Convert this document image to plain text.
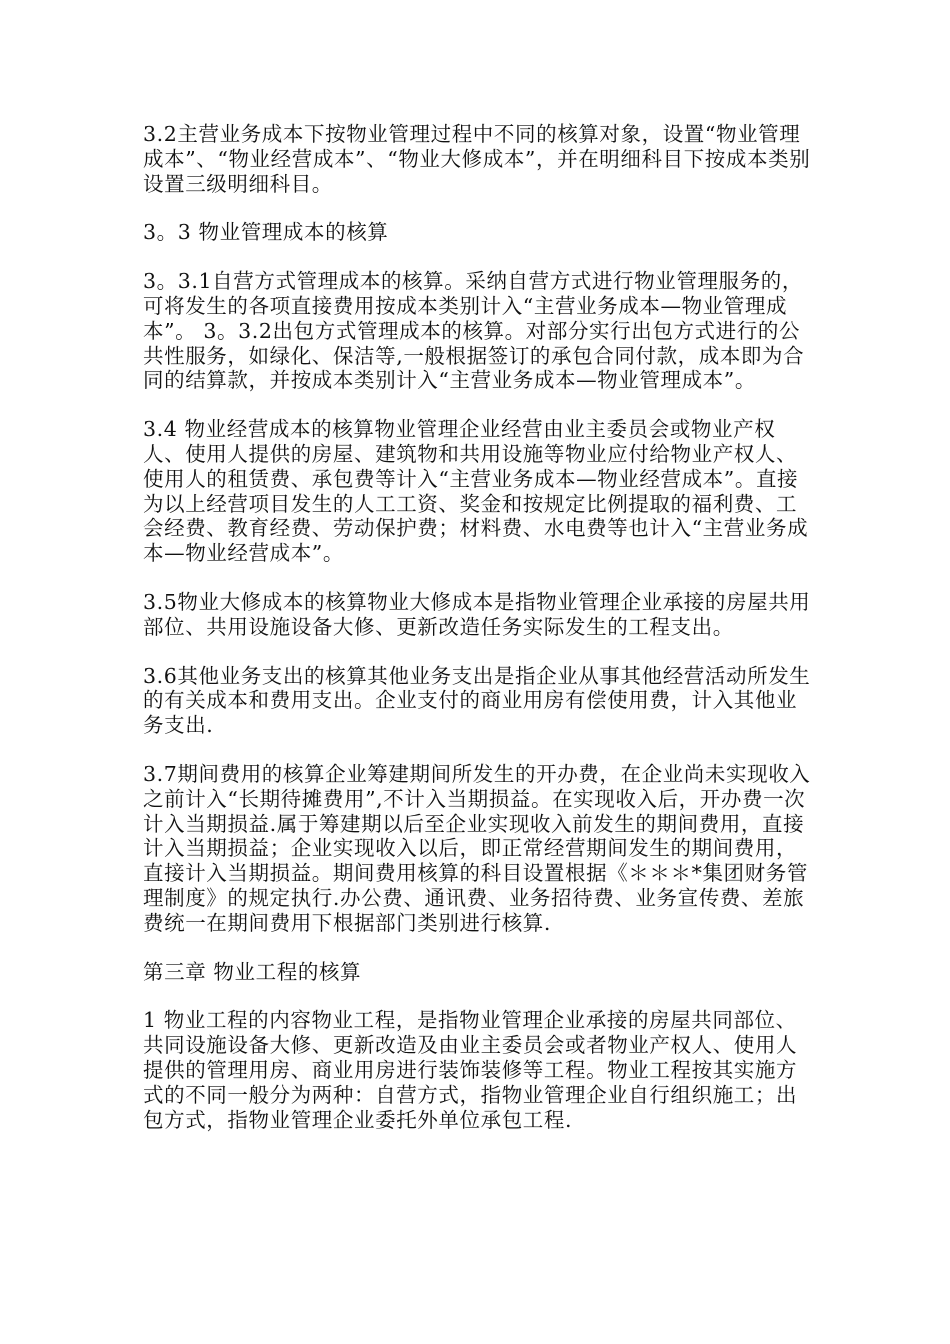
3.2主营业务成本下按物业管理过程中不同的核算对象，设置“物业管理成本”、“物业经营成本”、“物业大修成本”，并在明细科目下按成本类别设置三级明细科目。

3。3 物业管理成本的核算

3。3.1自营方式管理成本的核算。采纳自营方式进行物业管理服务的，可将发生的各项直接费用按成本类别计入“主营业务成本—物业管理成本”。 3。3.2出包方式管理成本的核算。对部分实行出包方式进行的公共性服务，如绿化、保洁等,一般根据签订的承包合同付款，成本即为合同的结算款，并按成本类别计入“主营业务成本—物业管理成本”。

3.4 物业经营成本的核算物业管理企业经营由业主委员会或物业产权人、使用人提供的房屋、建筑物和共用设施等物业应付给物业产权人、使用人的租赁费、承包费等计入“主营业务成本—物业经营成本”。直接为以上经营项目发生的人工工资、奖金和按规定比例提取的福利费、工会经费、教育经费、劳动保护费；材料费、水电费等也计入“主营业务成本—物业经营成本”。

3.5物业大修成本的核算物业大修成本是指物业管理企业承接的房屋共用部位、共用设施设备大修、更新改造任务实际发生的工程支出。

3.6其他业务支出的核算其他业务支出是指企业从事其他经营活动所发生的有关成本和费用支出。企业支付的商业用房有偿使用费，计入其他业务支出.

3.7期间费用的核算企业筹建期间所发生的开办费，在企业尚未实现收入之前计入“长期待摊费用”,不计入当期损益。在实现收入后，开办费一次计入当期损益.属于筹建期以后至企业实现收入前发生的期间费用，直接计入当期损益；企业实现收入以后，即正常经营期间发生的期间费用，直接计入当期损益。期间费用核算的科目设置根据《＊＊＊*集团财务管理制度》的规定执行.办公费、通讯费、业务招待费、业务宣传费、差旅费统一在期间费用下根据部门类别进行核算.

第三章 物业工程的核算

1 物业工程的内容物业工程，是指物业管理企业承接的房屋共同部位、共同设施设备大修、更新改造及由业主委员会或者物业产权人、使用人提供的管理用房、商业用房进行装饰装修等工程。物业工程按其实施方式的不同一般分为两种：自营方式，指物业管理企业自行组织施工；出包方式，指物业管理企业委托外单位承包工程.
